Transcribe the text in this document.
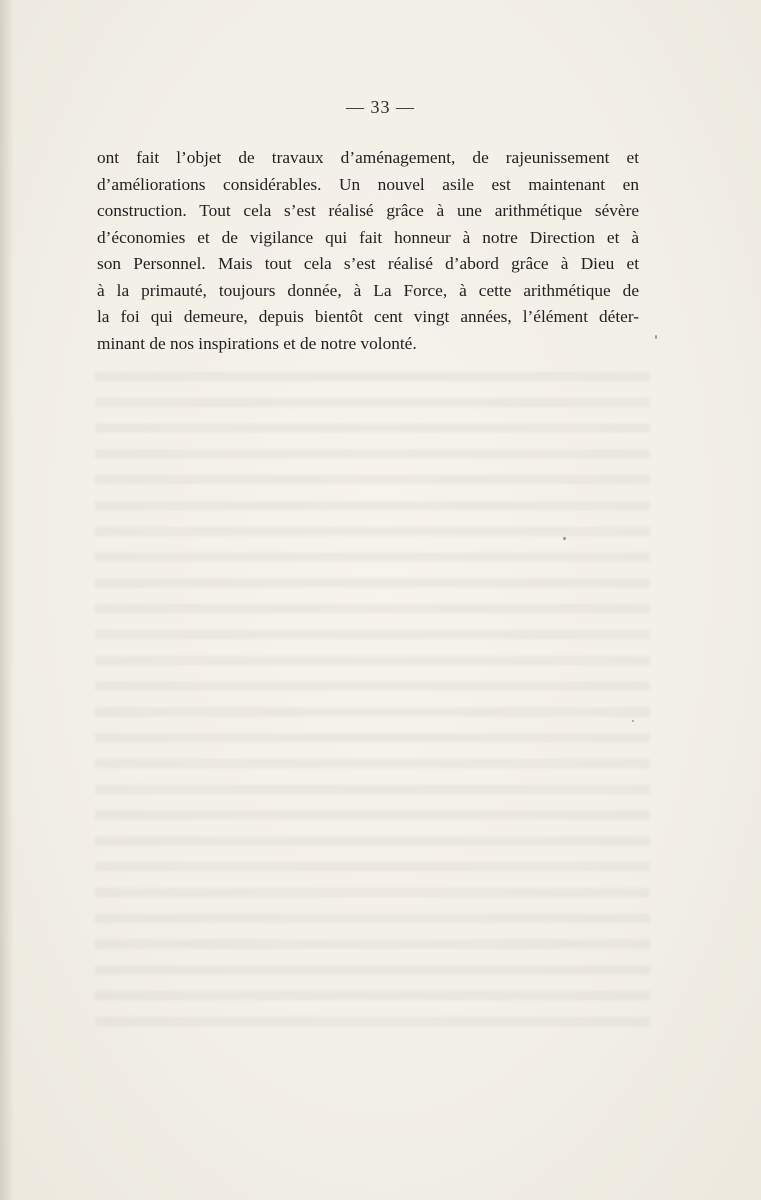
— 33 —
ont fait l’objet de travaux d’aménagement, de rajeunissement et
d’améliorations considérables. Un nouvel asile est maintenant en
construction. Tout cela s’est réalisé grâce à une arithmétique sévère
d’économies et de vigilance qui fait honneur à notre Direction et à
son Personnel. Mais tout cela s’est réalisé d’abord grâce à Dieu et
à la primauté, toujours donnée, à La Force, à cette arithmétique de
la foi qui demeure, depuis bientôt cent vingt années, l’élément déter-
minant de nos inspirations et de notre volonté.
